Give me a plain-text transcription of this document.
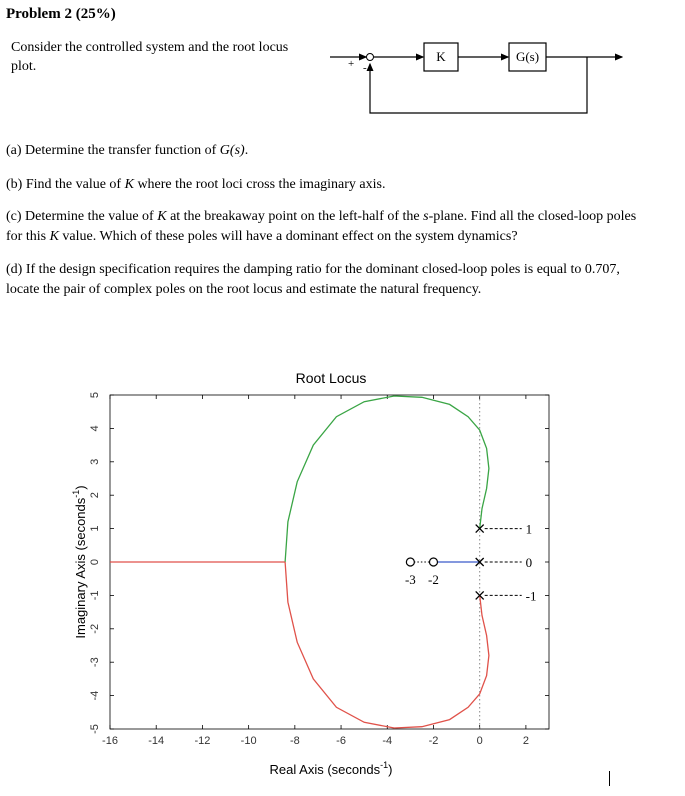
Problem 2 (25%)
Consider the controlled system and the root locus plot.	+ -
K	G(s)
(a) Determine the transfer function of G(s).
(b) Find the value of K where the root loci cross the imaginary axis.
(c) Determine the value of K at the breakaway point on the left-half of the s-plane. Find all the closed-loop poles for this K value. Which of these poles will have a dominant effect on the system dynamics?
(d) If the design specification requires the damping ratio for the dominant closed-loop poles is equal to 0.707, locate the pair of complex poles on the root locus and estimate the natural frequency.
Root Locus
-16	-14	-12	-10	-8	-6	-4	-2	0	2
5
4
3
2
1
0
-1
-2
-3
-4
-5
1
0
-1
-3 -2
Real Axis (seconds$^{-1}$)
Imaginary Axis (seconds$^{-1}$)
